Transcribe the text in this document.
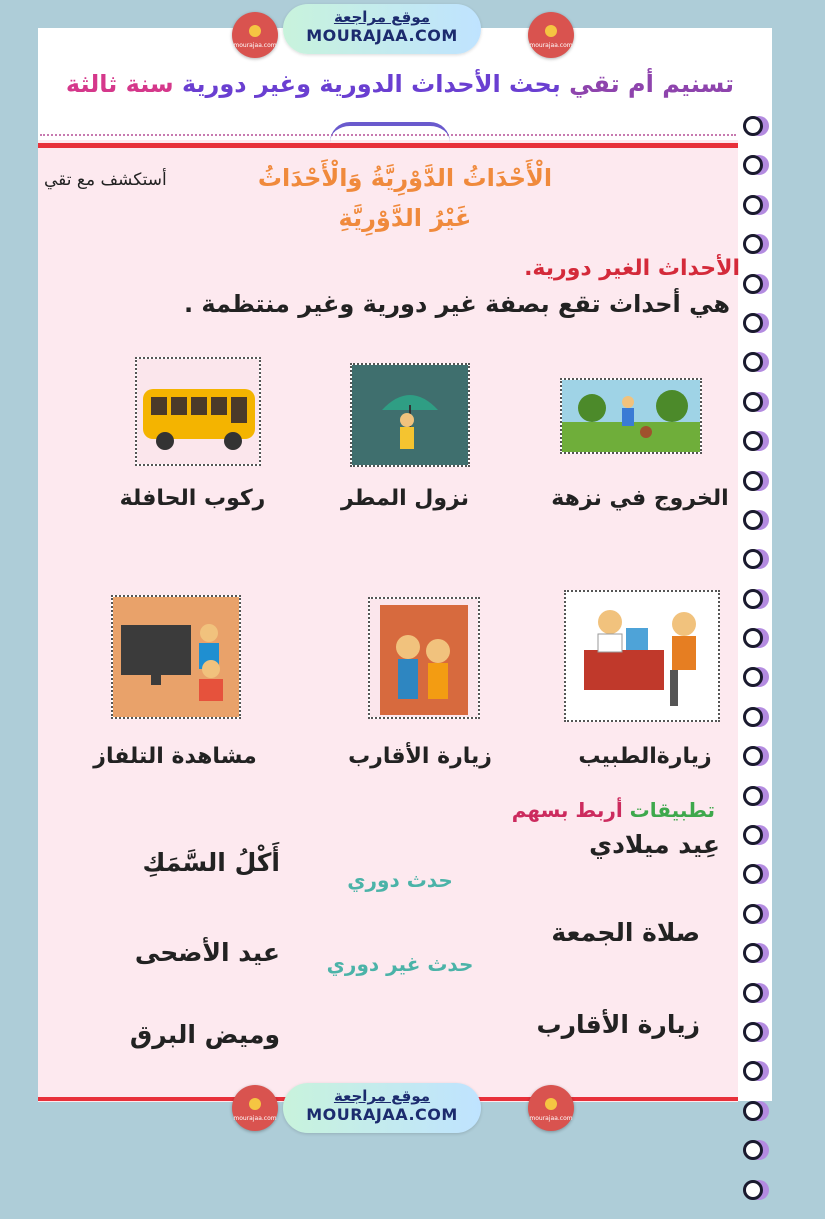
mourajaa.com
موقع مراجعة
MOURAJAA.COM
mourajaa.com
تسنيم أم تقي بحث الأحداث الدورية وغير دورية سنة ثالثة
أستكشف مع تقي	الْأَحْدَاثُ الدَّوْرِيَّةُ وَالْأَحْدَاثُ
غَيْرُ الدَّوْرِيَّةِ
الأحداث الغير دورية.
هي أحداث تقع بصفة غير دورية وغير منتظمة .
ركوب الحافلة	نزول المطر	الخروج في نزهة
مشاهدة التلفاز	زيارة الأقارب	زيارةالطبيب
تطبيقات أربط بسهم
عِيد ميلادي
صلاة الجمعة
زيارة الأقارب
أَكْلُ السَّمَكِ
عيد الأضحى
وميض البرق
حدث دوري
حدث غير دوري
mourajaa.com
موقع مراجعة
MOURAJAA.COM	mourajaa.com
